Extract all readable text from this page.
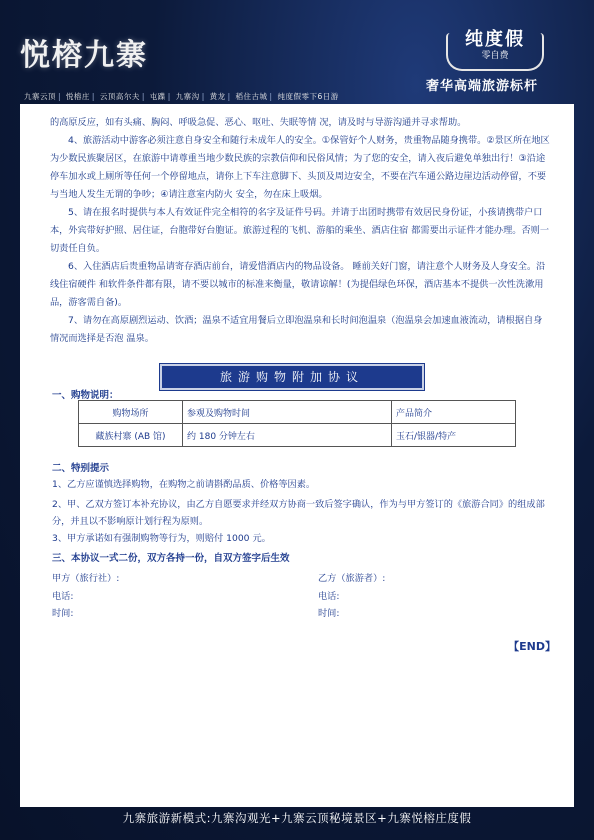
悦榕九寨
九寨云顶 | 悦榕庄 | 云顶高尔夫 | 屯蹀 | 九寨沟 | 黄龙 | 稻住古城 | 纯度假零下6日游
纯度假
零自费
奢华高端旅游标杆

的高原反应，如有头痛、胸闷、呼吸急促、恶心、呕吐、失眠等情 况，请及时与导游沟通并寻求帮助。

4、旅游活动中游客必须注意自身安全和随行未成年人的安全。①保管好个人财务，贵重物品随身携带。②景区所在地区为少数民族聚居区，在旅游中请尊重当地少数民族的宗教信仰和民俗风情；为了您的安全，请入夜后避免单独出行！③沿途停车加水或上厕所等任何一个停留地点，请你上下车注意脚下、头顶及周边安全，不要在汽车通公路边崖边活动停留，不要与当地人发生无谓的争吵；④请注意室内防火 安全，勿在床上吸烟。

5、请在报名时提供与本人有效证件完全相符的名字及证件号码。并请于出团时携带有效居民身份证，小孩请携带户口本，外宾带好护照、居住证，台胞带好台胞证。旅游过程的飞机、游船的乘坐、酒店住宿 都需要出示证件才能办理。否则一切责任自负。

6、入住酒店后贵重物品请寄存酒店前台，请爱惜酒店内的物品设备。 睡前关好门窗，请注意个人财务及人身安全。沿线住宿硬件 和软件条件都有限，请不要以城市的标准来衡量，敬请谅解！(为提倡绿色环保，酒店基本不提供一次性洗漱用品，游客需自备)。

7、请勿在高原剧烈运动、饮酒；温泉不适宜用餐后立即泡温泉和长时间泡温泉（泡温泉会加速血液流动，请根据自身情况而选择是否泡 温泉。

旅游购物附加协议
一、购物说明：
购物场所	参观及购物时间	产品简介
藏族村寨 (AB 馆)	约 180 分钟左右	玉石/银器/特产
二、特别提示
1、乙方应谨慎选择购物，在购物之前请斟酌品质、价格等因素。
2、甲、乙双方签订本补充协议，由乙方自愿要求并经双方协商一致后签字确认，作为与甲方签订的《旅游合同》的组成部分，并且以不影响原计划行程为原则。
3、甲方承诺如有强制购物等行为，则赔付 1000 元。
三、本协议一式二份，双方各持一份，自双方签字后生效
甲方（旅行社）:
电话:
时间:
乙方（旅游者）:
电话:
时间:
【END】
九寨旅游新模式:九寨沟观光+九寨云顶秘境景区+九寨悦榕庄度假
